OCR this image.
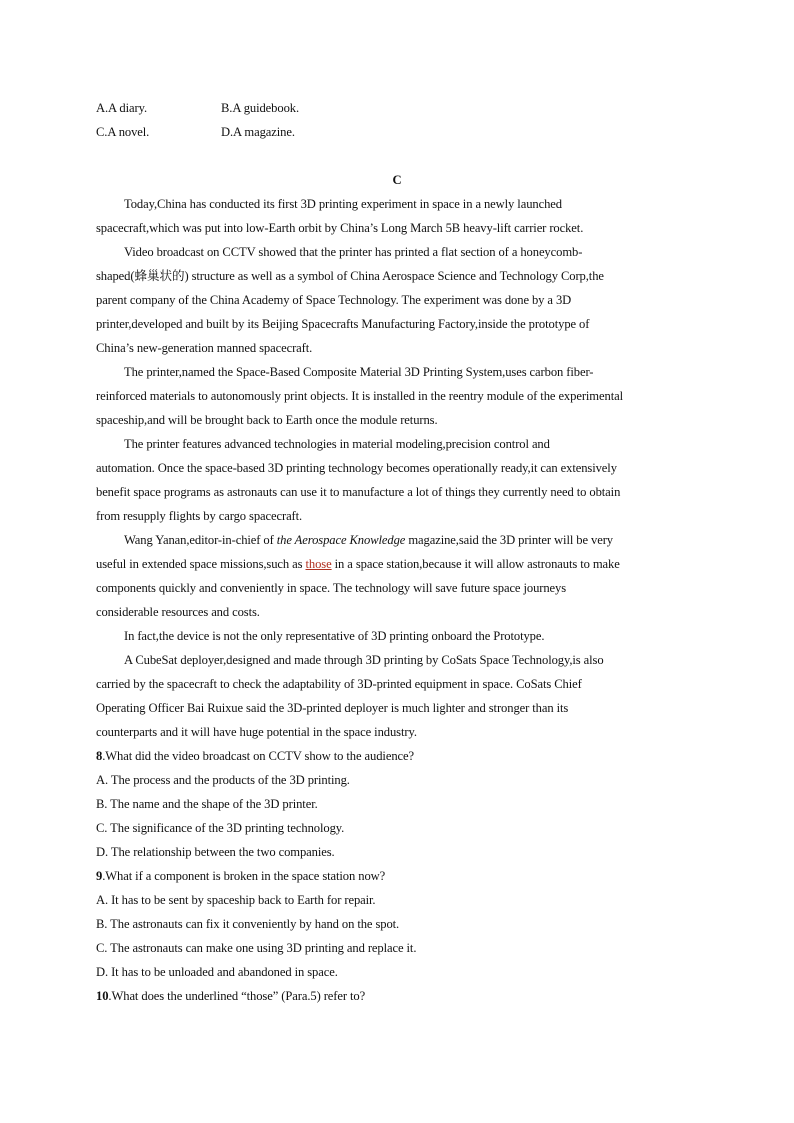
A.A diary.	B.A guidebook.
C.A novel.	D.A magazine.
C
Today,China has conducted its first 3D printing experiment in space in a newly launched
spacecraft,which was put into low-Earth orbit by China’s Long March 5B heavy-lift carrier rocket.
Video broadcast on CCTV showed that the printer has printed a flat section of a honeycomb-
shaped(蜂巢状的) structure as well as a symbol of China Aerospace Science and Technology Corp,the
parent company of the China Academy of Space Technology. The experiment was done by a 3D
printer,developed and built by its Beijing Spacecrafts Manufacturing Factory,inside the prototype of
China’s new-generation manned spacecraft.
The printer,named the Space-Based Composite Material 3D Printing System,uses carbon fiber-
reinforced materials to autonomously print objects. It is installed in the reentry module of the experimental
spaceship,and will be brought back to Earth once the module returns.
The printer features advanced technologies in material modeling,precision control and
automation. Once the space-based 3D printing technology becomes operationally ready,it can extensively
benefit space programs as astronauts can use it to manufacture a lot of things they currently need to obtain
from resupply flights by cargo spacecraft.
Wang Yanan,editor-in-chief of the Aerospace Knowledge magazine,said the 3D printer will be very
useful in extended space missions,such as those in a space station,because it will allow astronauts to make
components quickly and conveniently in space. The technology will save future space journeys
considerable resources and costs.
In fact,the device is not the only representative of 3D printing onboard the Prototype.
A CubeSat deployer,designed and made through 3D printing by CoSats Space Technology,is also
carried by the spacecraft to check the adaptability of 3D-printed equipment in space. CoSats Chief
Operating Officer Bai Ruixue said the 3D-printed deployer is much lighter and stronger than its
counterparts and it will have huge potential in the space industry.
8.What did the video broadcast on CCTV show to the audience?
A. The process and the products of the 3D printing.
B. The name and the shape of the 3D printer.
C. The significance of the 3D printing technology.
D. The relationship between the two companies.
9.What if a component is broken in the space station now?
A. It has to be sent by spaceship back to Earth for repair.
B. The astronauts can fix it conveniently by hand on the spot.
C. The astronauts can make one using 3D printing and replace it.
D. It has to be unloaded and abandoned in space.
10.What does the underlined “those” (Para.5) refer to?
